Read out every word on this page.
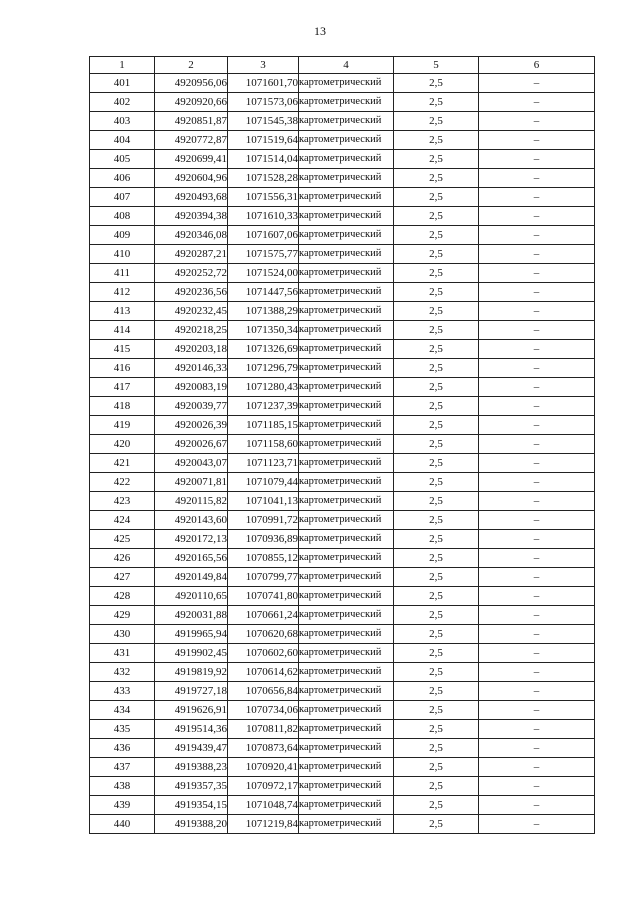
13
1	2	3	4	5	6
401	4920956,06	1071601,70	картометрический	2,5	–
402	4920920,66	1071573,06	картометрический	2,5	–
403	4920851,87	1071545,38	картометрический	2,5	–
404	4920772,87	1071519,64	картометрический	2,5	–
405	4920699,41	1071514,04	картометрический	2,5	–
406	4920604,96	1071528,28	картометрический	2,5	–
407	4920493,68	1071556,31	картометрический	2,5	–
408	4920394,38	1071610,33	картометрический	2,5	–
409	4920346,08	1071607,06	картометрический	2,5	–
410	4920287,21	1071575,77	картометрический	2,5	–
411	4920252,72	1071524,00	картометрический	2,5	–
412	4920236,56	1071447,56	картометрический	2,5	–
413	4920232,45	1071388,29	картометрический	2,5	–
414	4920218,25	1071350,34	картометрический	2,5	–
415	4920203,18	1071326,69	картометрический	2,5	–
416	4920146,33	1071296,79	картометрический	2,5	–
417	4920083,19	1071280,43	картометрический	2,5	–
418	4920039,77	1071237,39	картометрический	2,5	–
419	4920026,39	1071185,15	картометрический	2,5	–
420	4920026,67	1071158,60	картометрический	2,5	–
421	4920043,07	1071123,71	картометрический	2,5	–
422	4920071,81	1071079,44	картометрический	2,5	–
423	4920115,82	1071041,13	картометрический	2,5	–
424	4920143,60	1070991,72	картометрический	2,5	–
425	4920172,13	1070936,89	картометрический	2,5	–
426	4920165,56	1070855,12	картометрический	2,5	–
427	4920149,84	1070799,77	картометрический	2,5	–
428	4920110,65	1070741,80	картометрический	2,5	–
429	4920031,88	1070661,24	картометрический	2,5	–
430	4919965,94	1070620,68	картометрический	2,5	–
431	4919902,45	1070602,60	картометрический	2,5	–
432	4919819,92	1070614,62	картометрический	2,5	–
433	4919727,18	1070656,84	картометрический	2,5	–
434	4919626,91	1070734,06	картометрический	2,5	–
435	4919514,36	1070811,82	картометрический	2,5	–
436	4919439,47	1070873,64	картометрический	2,5	–
437	4919388,23	1070920,41	картометрический	2,5	–
438	4919357,35	1070972,17	картометрический	2,5	–
439	4919354,15	1071048,74	картометрический	2,5	–
440	4919388,20	1071219,84	картометрический	2,5	–
